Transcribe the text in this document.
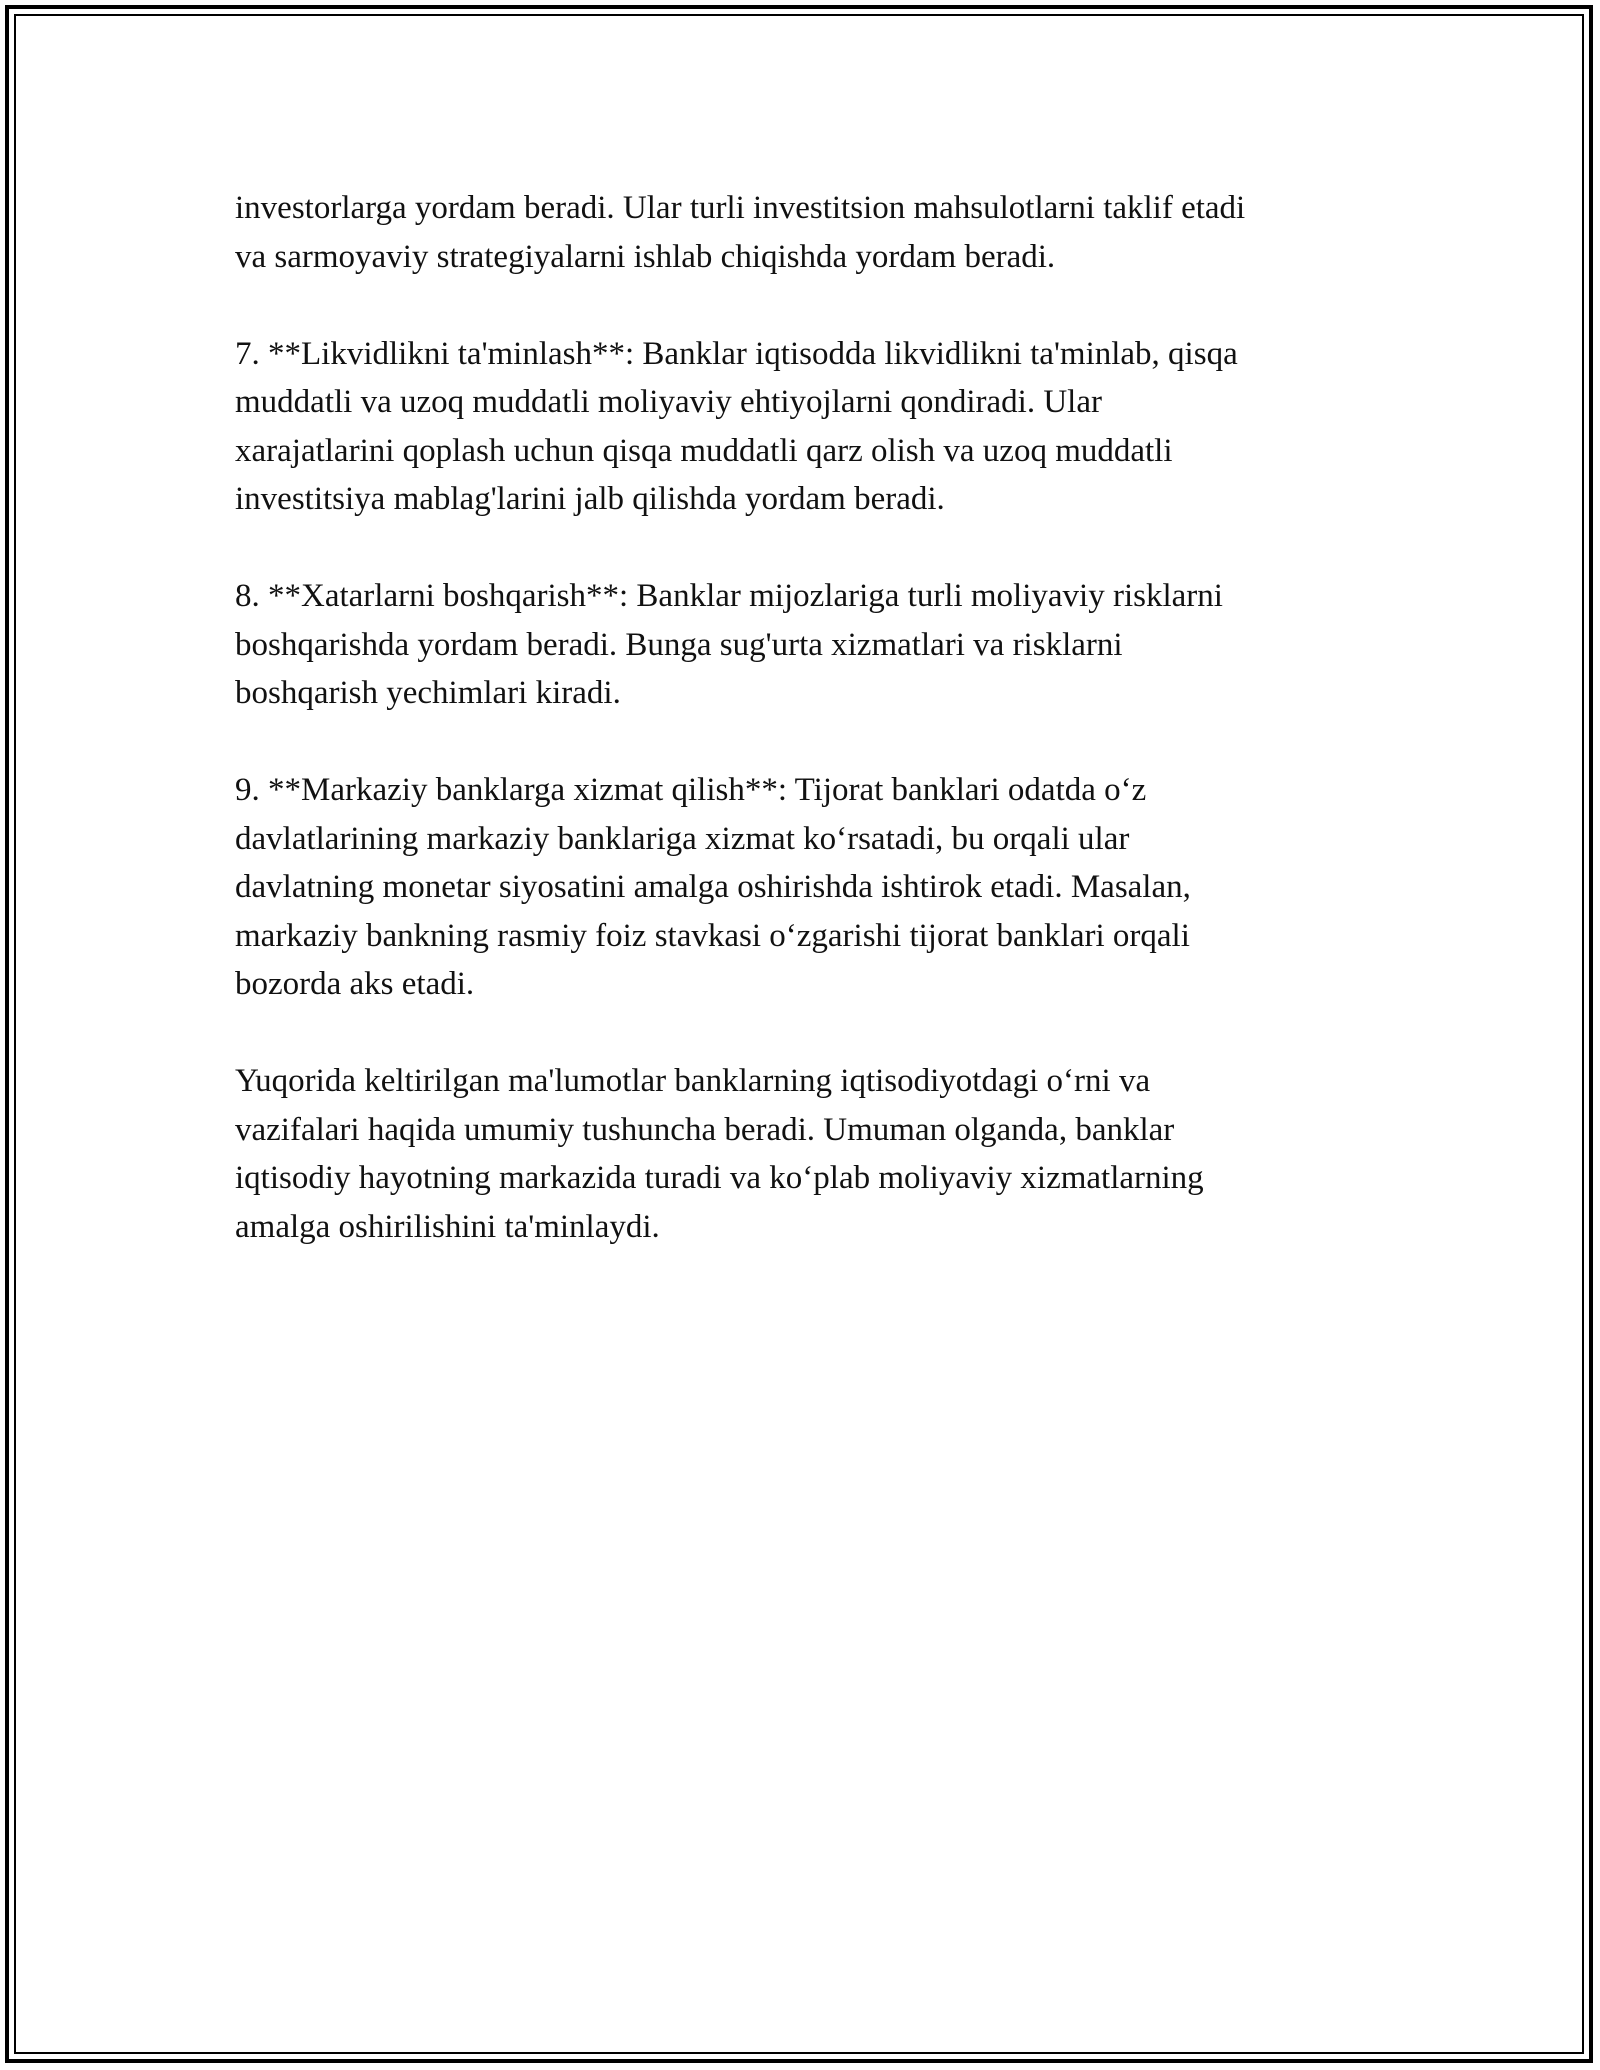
investorlarga yordam beradi. Ular turli investitsion mahsulotlarni taklif etadi
va sarmoyaviy strategiyalarni ishlab chiqishda yordam beradi.

7. **Likvidlikni ta'minlash**: Banklar iqtisodda likvidlikni ta'minlab, qisqa
muddatli va uzoq muddatli moliyaviy ehtiyojlarni qondiradi. Ular
xarajatlarini qoplash uchun qisqa muddatli qarz olish va uzoq muddatli
investitsiya mablag'larini jalb qilishda yordam beradi.

8. **Xatarlarni boshqarish**: Banklar mijozlariga turli moliyaviy risklarni
boshqarishda yordam beradi. Bunga sug'urta xizmatlari va risklarni
boshqarish yechimlari kiradi.

9. **Markaziy banklarga xizmat qilish**: Tijorat banklari odatda o‘z
davlatlarining markaziy banklariga xizmat ko‘rsatadi, bu orqali ular
davlatning monetar siyosatini amalga oshirishda ishtirok etadi. Masalan,
markaziy bankning rasmiy foiz stavkasi o‘zgarishi tijorat banklari orqali
bozorda aks etadi.

Yuqorida keltirilgan ma'lumotlar banklarning iqtisodiyotdagi o‘rni va
vazifalari haqida umumiy tushuncha beradi. Umuman olganda, banklar
iqtisodiy hayotning markazida turadi va ko‘plab moliyaviy xizmatlarning
amalga oshirilishini ta'minlaydi.
